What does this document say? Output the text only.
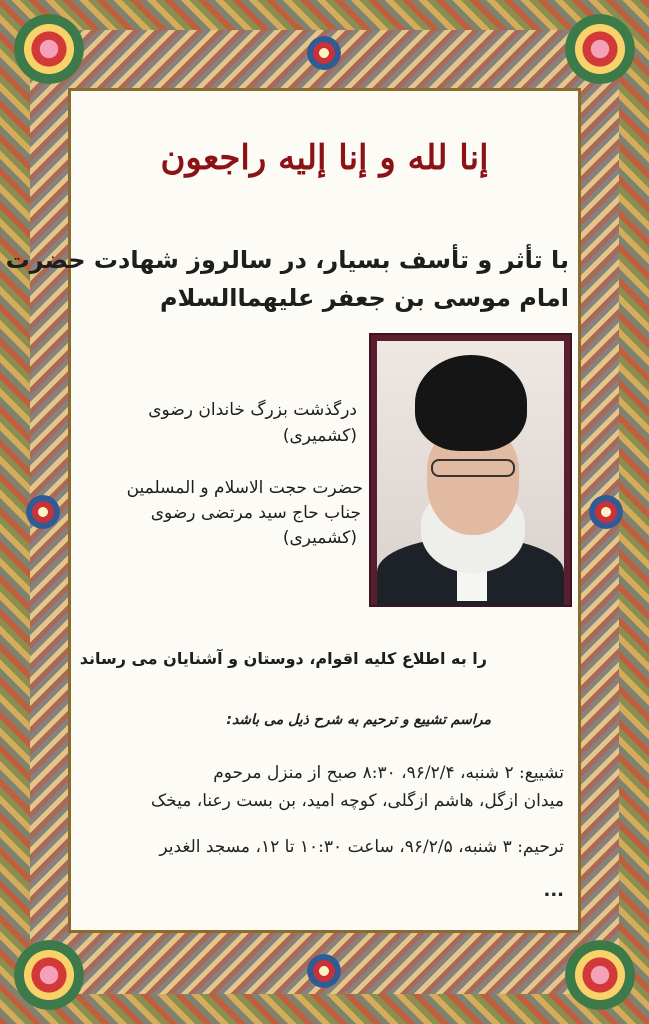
إنا لله و إنا إليه راجعون
با تأثر و تأسف بسیار، در سالروز شهادت حضرت
امام موسی بن جعفر علیهما‌السلام
درگذشت بزرگ خاندان رضوی
(کشمیری)
حضرت حجت الاسلام و المسلمین
جناب حاج سید مرتضی رضوی
(کشمیری)
را به اطلاع کلیه اقوام، دوستان و آشنایان می رساند
مراسم تشییع و ترحیم به شرح ذیل می باشد:
تشییع: ۲ شنبه، ۹۶/۲/۴، ۸:۳۰ صبح از منزل مرحوم
میدان ازگل، هاشم ازگلی، کوچه امید، بن بست رعنا، میخک
ترحیم: ۳ شنبه، ۹۶/۲/۵، ساعت ۱۰:۳۰ تا ۱۲، مسجد الغدیر
...
